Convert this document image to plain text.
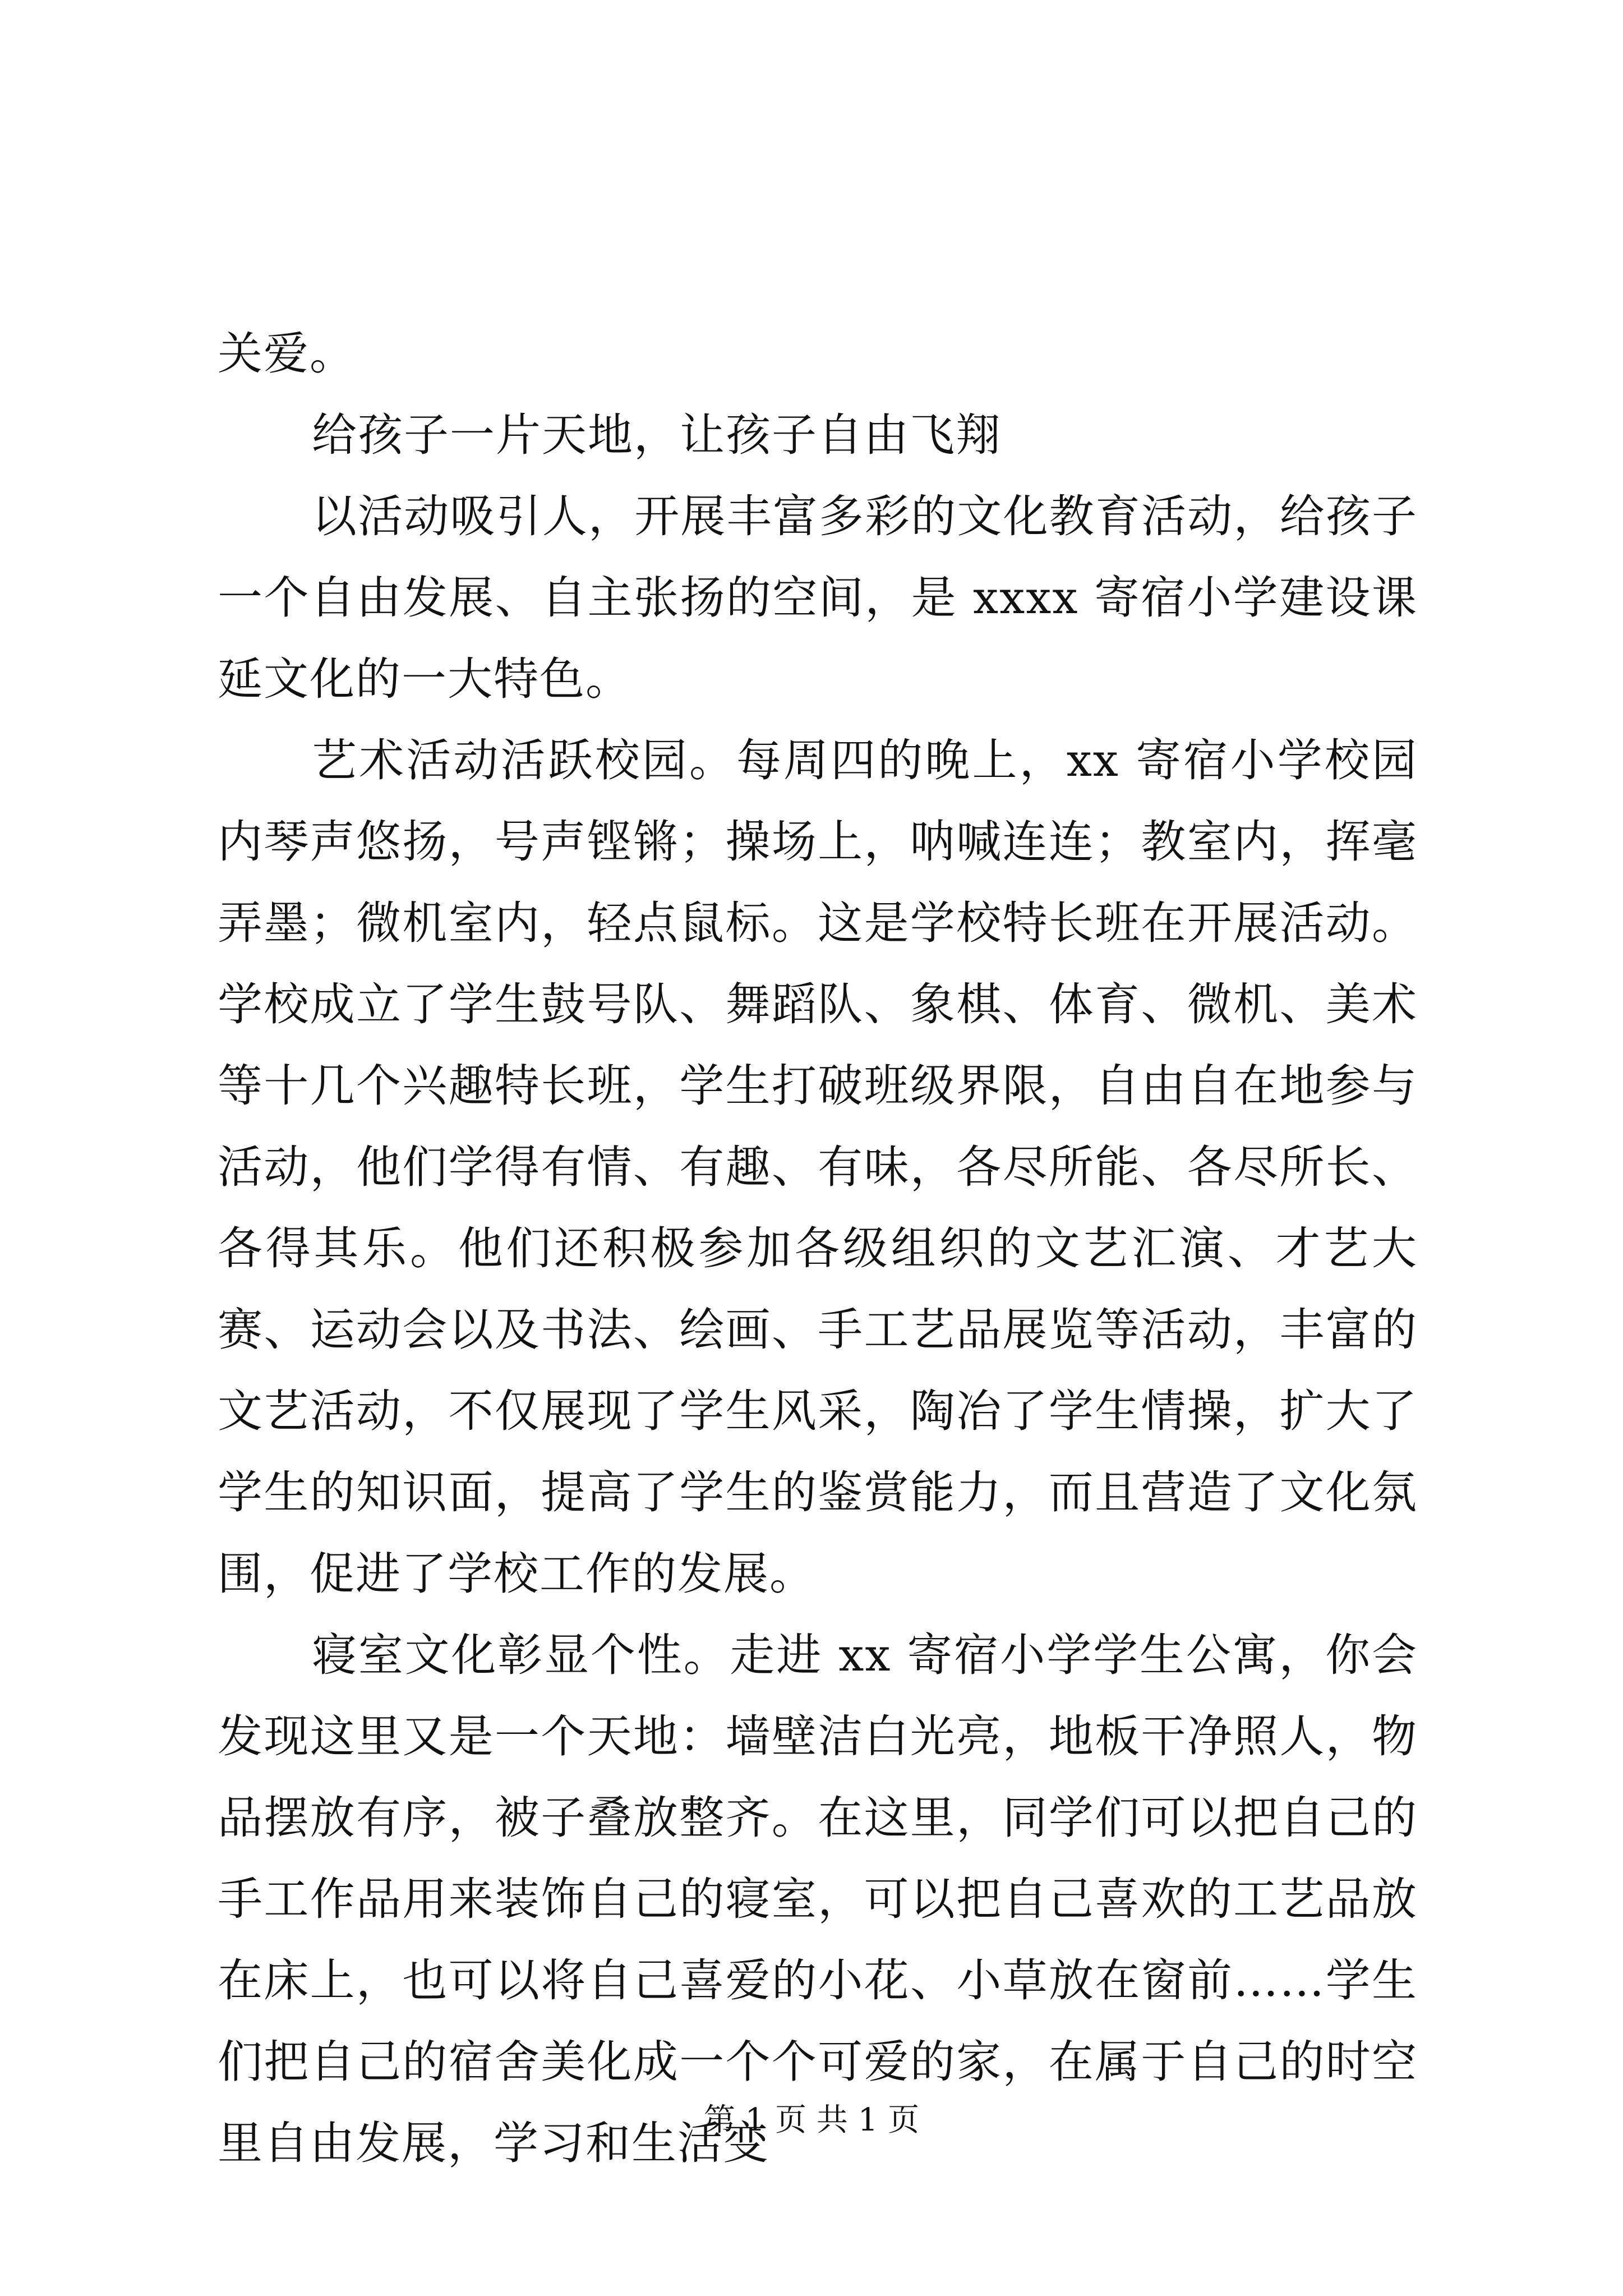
关爱。

给孩子一片天地，让孩子自由飞翔

以活动吸引人，开展丰富多彩的文化教育活动，给孩子一个自由发展、自主张扬的空间，是 xxxx 寄宿小学建设课延文化的一大特色。

艺术活动活跃校园。每周四的晚上，xx 寄宿小学校园内琴声悠扬，号声铿锵；操场上，呐喊连连；教室内，挥毫弄墨；微机室内，轻点鼠标。这是学校特长班在开展活动。学校成立了学生鼓号队、舞蹈队、象棋、体育、微机、美术等十几个兴趣特长班，学生打破班级界限，自由自在地参与活动，他们学得有情、有趣、有味，各尽所能、各尽所长、各得其乐。他们还积极参加各级组织的文艺汇演、才艺大赛、运动会以及书法、绘画、手工艺品展览等活动，丰富的文艺活动，不仅展现了学生风采，陶冶了学生情操，扩大了学生的知识面，提高了学生的鉴赏能力，而且营造了文化氛围，促进了学校工作的发展。

寝室文化彰显个性。走进 xx 寄宿小学学生公寓，你会发现这里又是一个天地：墙壁洁白光亮，地板干净照人，物品摆放有序，被子叠放整齐。在这里，同学们可以把自己的手工作品用来装饰自己的寝室，可以把自己喜欢的工艺品放在床上，也可以将自己喜爱的小花、小草放在窗前……学生们把自己的宿舍美化成一个个可爱的家，在属于自己的时空里自由发展，学习和生活变

第 1 页 共 1 页
